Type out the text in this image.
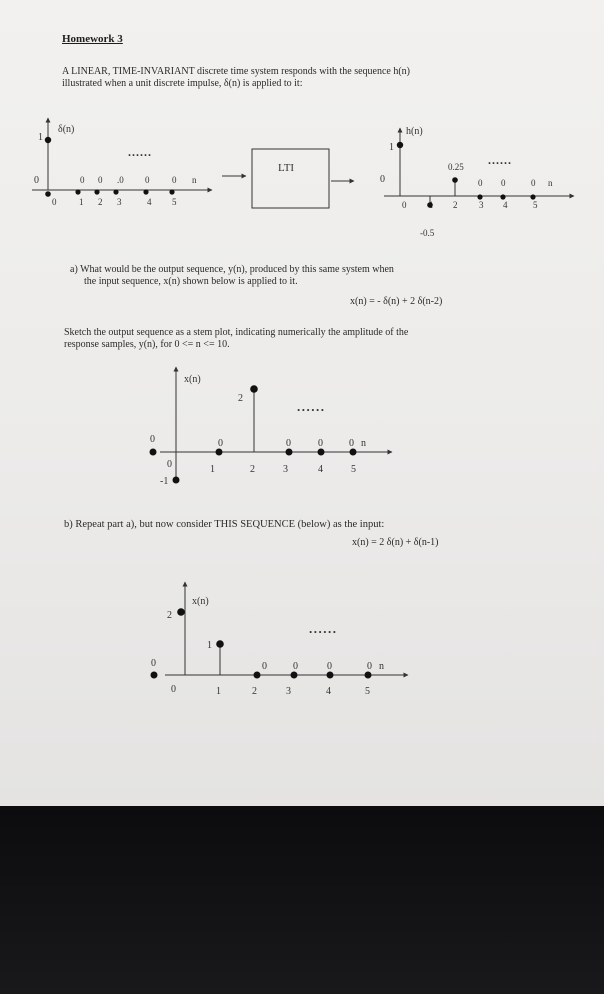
Homework 3
A LINEAR, TIME-INVARIANT discrete time system responds with the sequence h(n)
illustrated when a unit discrete impulse, δ(n) is applied to it:
a) What would be the output sequence, y(n), produced by this same system when
the input sequence, x(n) shown below is applied to it.
x(n) = - δ(n) + 2 δ(n-2)
Sketch the output sequence as a stem plot, indicating numerically the amplitude of the
response samples, y(n), for 0 <= n <= 10.
b) Repeat part a), but now consider THIS SEQUENCE (below) as the input:
x(n) = 2 δ(n) + δ(n-1)
δ(n)
1
0	0 0 .0 0	0 n
0	1 2 3	4 5
......
LTI
h(n)
1
0
0.25
0 0	0 n
0	2 3 4	5
-0.5
......
x(n)
2
0	0	0	0	0 n
0
-1
1	2	3	4	5
......
x(n)
2
1
0	0	0	0	0 n
0	1	2	3	4	5
......
